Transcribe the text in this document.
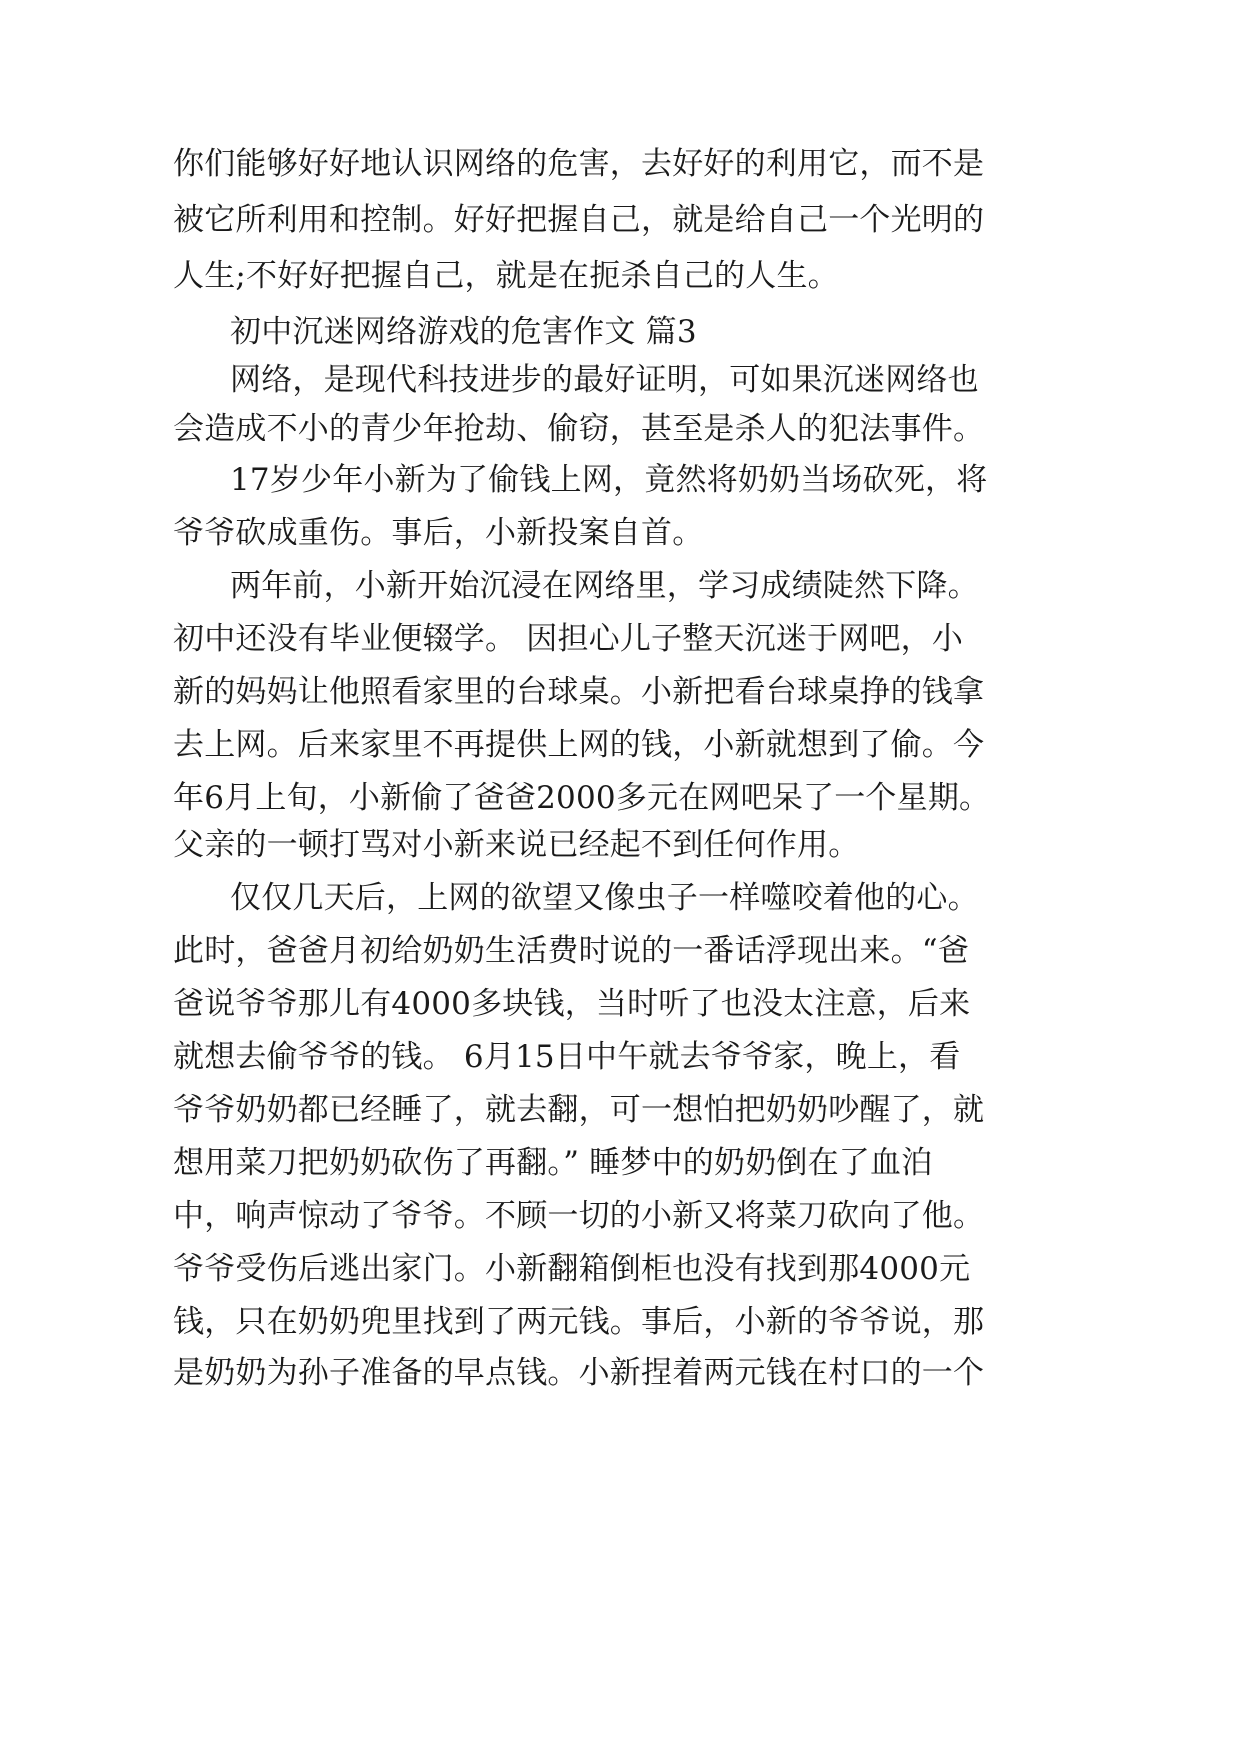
你们能够好好地认识网络的危害，去好好的利用它，而不是
被它所利用和控制。好好把握自己，就是给自己一个光明的
人生;不好好把握自己，就是在扼杀自己的人生。
初中沉迷网络游戏的危害作文 篇3
网络，是现代科技进步的最好证明，可如果沉迷网络也
会造成不小的青少年抢劫、偷窃，甚至是杀人的犯法事件。
17岁少年小新为了偷钱上网，竟然将奶奶当场砍死，将
爷爷砍成重伤。事后，小新投案自首。
两年前，小新开始沉浸在网络里，学习成绩陡然下降。
初中还没有毕业便辍学。 因担心儿子整天沉迷于网吧，小
新的妈妈让他照看家里的台球桌。小新把看台球桌挣的钱拿
去上网。后来家里不再提供上网的钱，小新就想到了偷。今
年6月上旬，小新偷了爸爸2000多元在网吧呆了一个星期。
父亲的一顿打骂对小新来说已经起不到任何作用。
仅仅几天后，上网的欲望又像虫子一样噬咬着他的心。
此时，爸爸月初给奶奶生活费时说的一番话浮现出来。“爸
爸说爷爷那儿有4000多块钱，当时听了也没太注意，后来
就想去偷爷爷的钱。 6月15日中午就去爷爷家，晚上，看
爷爷奶奶都已经睡了，就去翻，可一想怕把奶奶吵醒了，就
想用菜刀把奶奶砍伤了再翻。” 睡梦中的奶奶倒在了血泊
中，响声惊动了爷爷。不顾一切的小新又将菜刀砍向了他。
爷爷受伤后逃出家门。小新翻箱倒柜也没有找到那4000元
钱，只在奶奶兜里找到了两元钱。事后，小新的爷爷说，那
是奶奶为孙子准备的早点钱。小新捏着两元钱在村口的一个
